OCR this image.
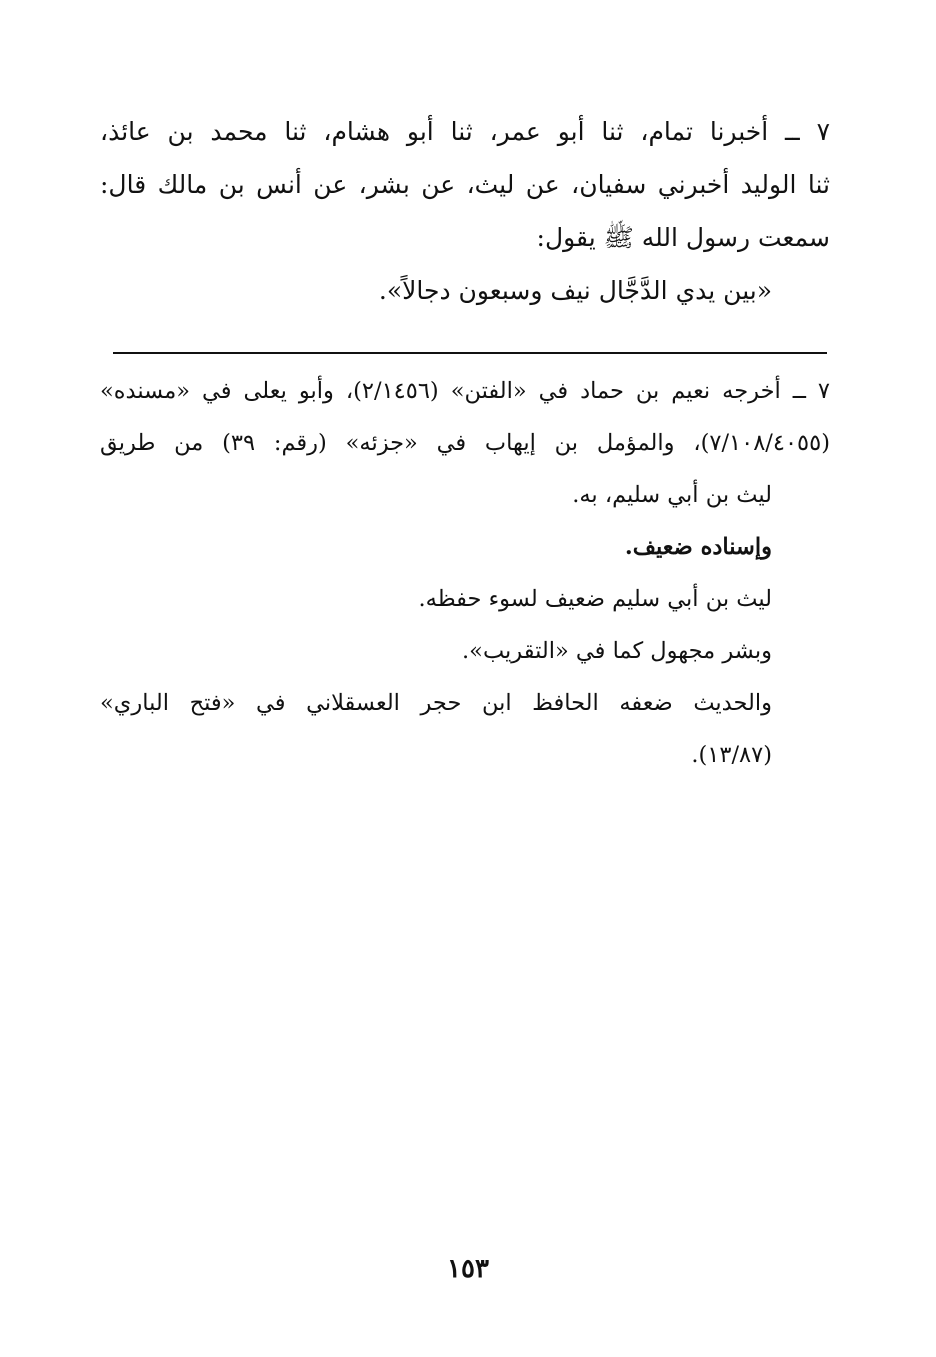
٧ ــ أخبرنا تمام، ثنا أبو عمر، ثنا أبو هشام، ثنا محمد بن عائذ،
ثنا الوليد أخبرني سفيان، عن ليث، عن بشر، عن أنس بن مالك قال:
سمعت رسول الله ﷺ يقول:
«بين يدي الدَّجَّال نيف وسبعون دجالاً».
٧ ــ أخرجه نعيم بن حماد في «الفتن» (٢/١٤٥٦)، وأبو يعلى في «مسنده»
(٧/١٠٨/٤٠٥٥)، والمؤمل بن إيهاب في «جزئه» (رقم: ٣٩) من طريق
ليث بن أبي سليم، به.
وإسناده ضعيف.
ليث بن أبي سليم ضعيف لسوء حفظه.
وبشر مجهول كما في «التقريب».
والحديث ضعفه الحافظ ابن حجر العسقلاني في «فتح الباري»
(١٣/٨٧).
١٥٣
